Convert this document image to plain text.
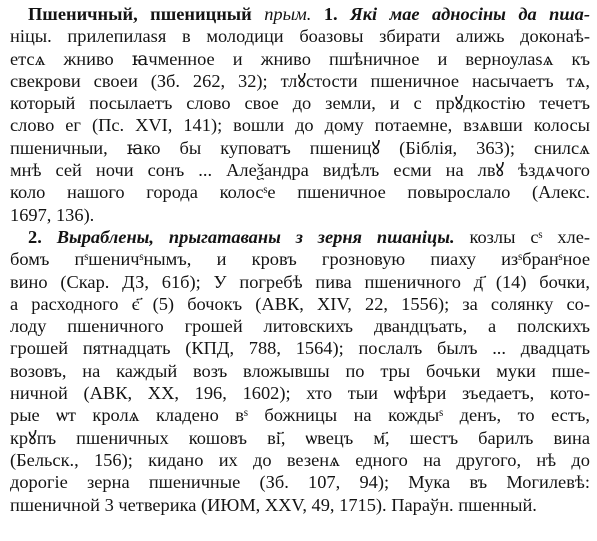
Пшеничный, пшеницный прым. 1. Які мае адносіны да пша-
ніцы. прилепилаѕя в молодици боазовы збирати алижь доконаѣ-
етсѧ жниво ꙗчменное и жниво пшѣничное и верноулаѕѧ къ
свекрови своеи (Зб. 262, 32); тлꙋстости пшеничное насычаетъ тѧ,
который посылаетъ слово свое до земли, и с прꙋдкостію течетъ
слово ег (Пс. XVI, 141); вошли до дому потаемне, взѧвши колосы
пшеничныи, ꙗко бы куповатъ пшеницꙋ (Біблія, 363); снилсѧ
мнѣ сей ночи сонъ ... Алеѯандра видѣлъ есми на лвꙋ ѣздѧчого
коло нашого города колосˢе пшеничное повырослало (Алекс.
1697, 136).

2. Выраблены, прыгатаваны з зерня пшаніцы. козлы сˢ хле-
бомъ пˢшеничˢнымъ, и кровъ грозновую пиаху изˢбранˢное
вино (Скар. ДЗ, 61б); У погребѣ пива пшеничного д҃ (14) бочки,
а расходного є҃ (5) бочокъ (АВК, XIV, 22, 1556); за солянку со-
лоду пшеничного грошей литовскихъ двандцъать, а полскихъ
грошей пятнадцать (КПД, 788, 1564); послалъ былъ ... двадцать
возовъ, на каждый возъ вложывшы по тры бочьки муки пше-
ничной (АВК, XX, 196, 1602); хто тыи ѡфѣри зъедаетъ, кото-
рые ѡт кролѧ кладено вˢ божницы на кождыˢ денъ, то естъ,
крꙋпъ пшеничных кошовъ ві҃, ѡвецъ м҃, шестъ барилъ вина
(Бельск., 156); кидано их до везенѧ едного на другого, нѣ до
дорогіе зерна пшеничные (Зб. 107, 94); Мука въ Могилевѣ:
пшеничной 3 четверика (ИЮМ, XXV, 49, 1715). Параўн. пшенный.
